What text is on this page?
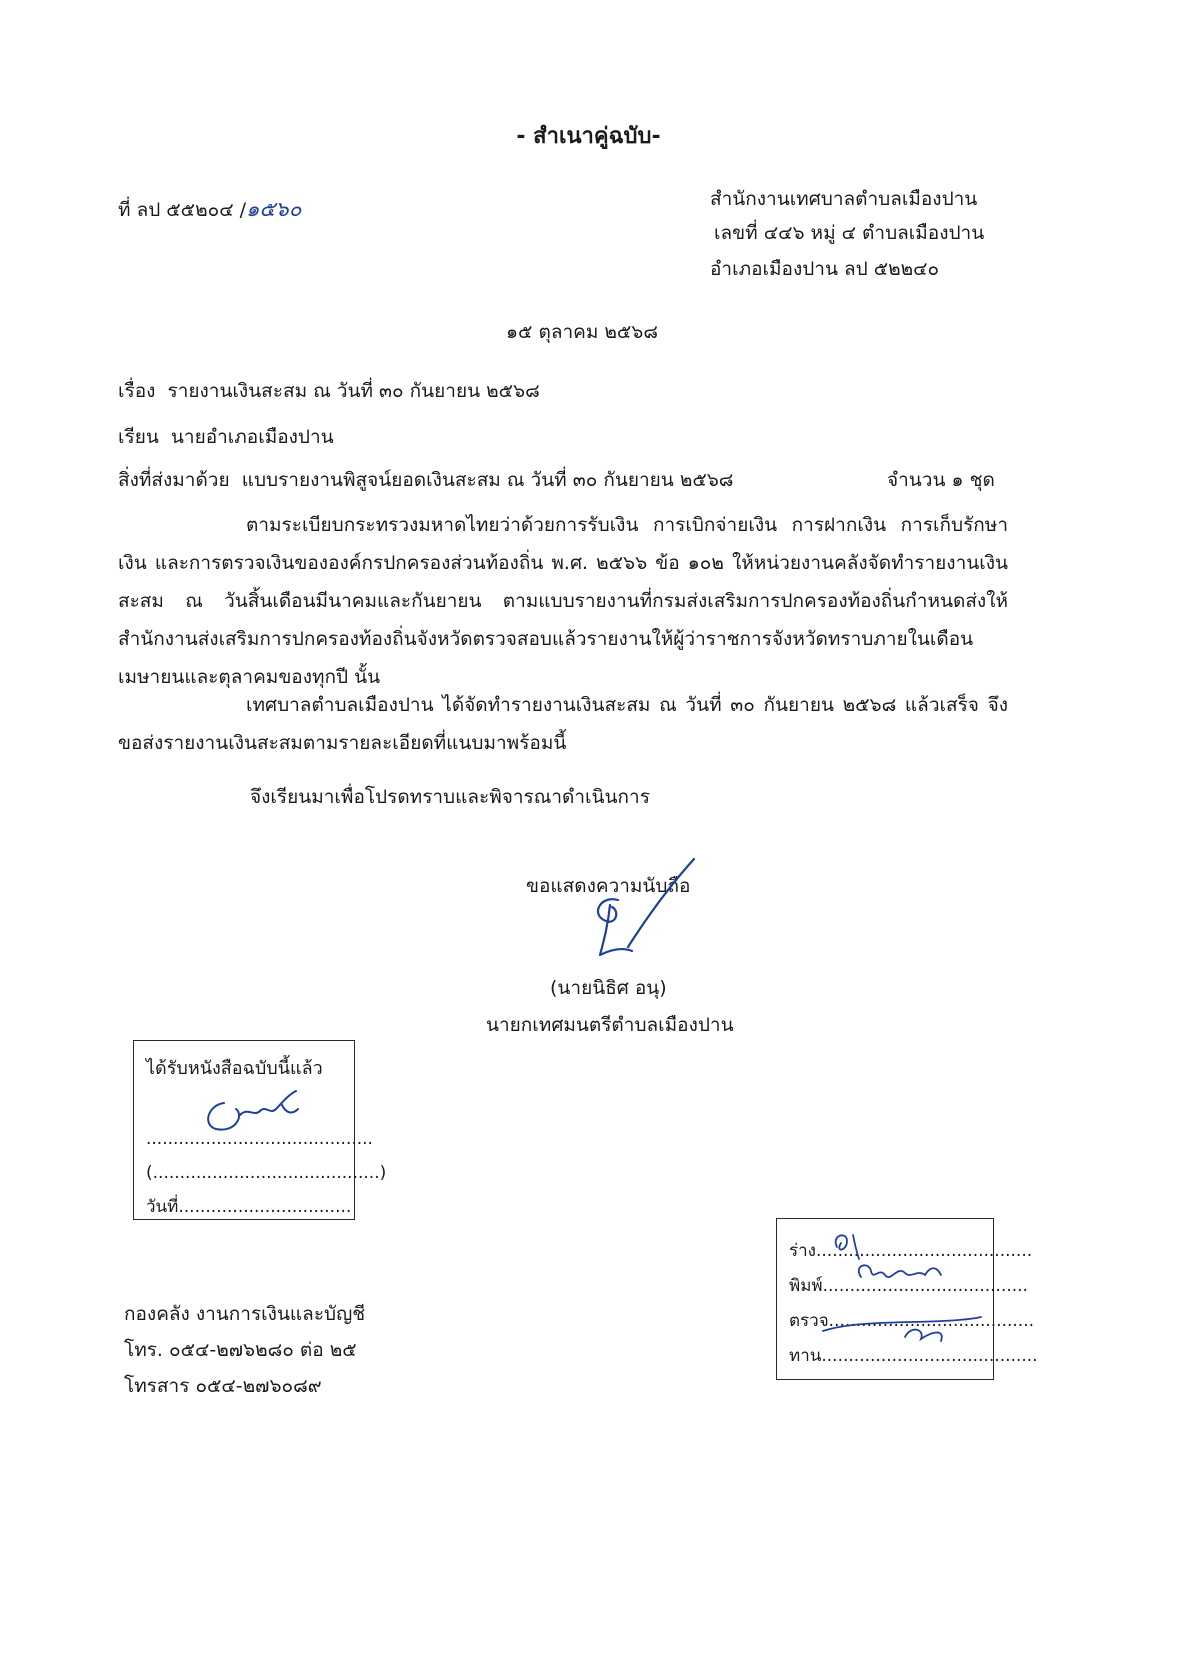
- สำเนาคู่ฉบับ-
ที่ ลป ๕๕๒๐๔ /๑๕๖๐	สำนักงานเทศบาลตำบลเมืองปาน
เลขที่ ๔๔๖ หมู่ ๔ ตำบลเมืองปาน
อำเภอเมืองปาน ลป ๕๒๒๔๐
๑๕ ตุลาคม ๒๕๖๘
เรื่อง รายงานเงินสะสม ณ วันที่ ๓๐ กันยายน ๒๕๖๘
เรียน นายอำเภอเมืองปาน
สิ่งที่ส่งมาด้วย แบบรายงานพิสูจน์ยอดเงินสะสม ณ วันที่ ๓๐ กันยายน ๒๕๖๘	จำนวน ๑ ชุด
ตามระเบียบกระทรวงมหาดไทยว่าด้วยการรับเงิน การเบิกจ่ายเงิน การฝากเงิน การเก็บรักษาเงิน และการตรวจเงินขององค์กรปกครองส่วนท้องถิ่น พ.ศ. ๒๕๖๖ ข้อ ๑๐๒ ให้หน่วยงานคลังจัดทำรายงานเงินสะสม ณ วันสิ้นเดือนมีนาคมและกันยายน ตามแบบรายงานที่กรมส่งเสริมการปกครองท้องถิ่นกำหนดส่งให้สำนักงานส่งเสริมการปกครองท้องถิ่นจังหวัดตรวจสอบแล้วรายงานให้ผู้ว่าราชการจังหวัดทราบภายในเดือนเมษายนและตุลาคมของทุกปี นั้น
เทศบาลตำบลเมืองปาน ได้จัดทำรายงานเงินสะสม ณ วันที่ ๓๐ กันยายน ๒๕๖๘ แล้วเสร็จ จึงขอส่งรายงานเงินสะสมตามรายละเอียดที่แนบมาพร้อมนี้
จึงเรียนมาเพื่อโปรดทราบและพิจารณาดำเนินการ
ขอแสดงความนับถือ
(นายนิธิศ อนุ)
นายกเทศมนตรีตำบลเมืองปาน
ได้รับหนังสือฉบับนี้แล้ว
..........................................
(..........................................)
วันที่................................
กองคลัง งานการเงินและบัญชี
โทร. ๐๕๔-๒๗๖๒๘๐ ต่อ ๒๕
โทรสาร ๐๕๔-๒๗๖๐๘๙
ร่าง........................................
พิมพ์......................................
ตรวจ......................................
ทาน........................................
